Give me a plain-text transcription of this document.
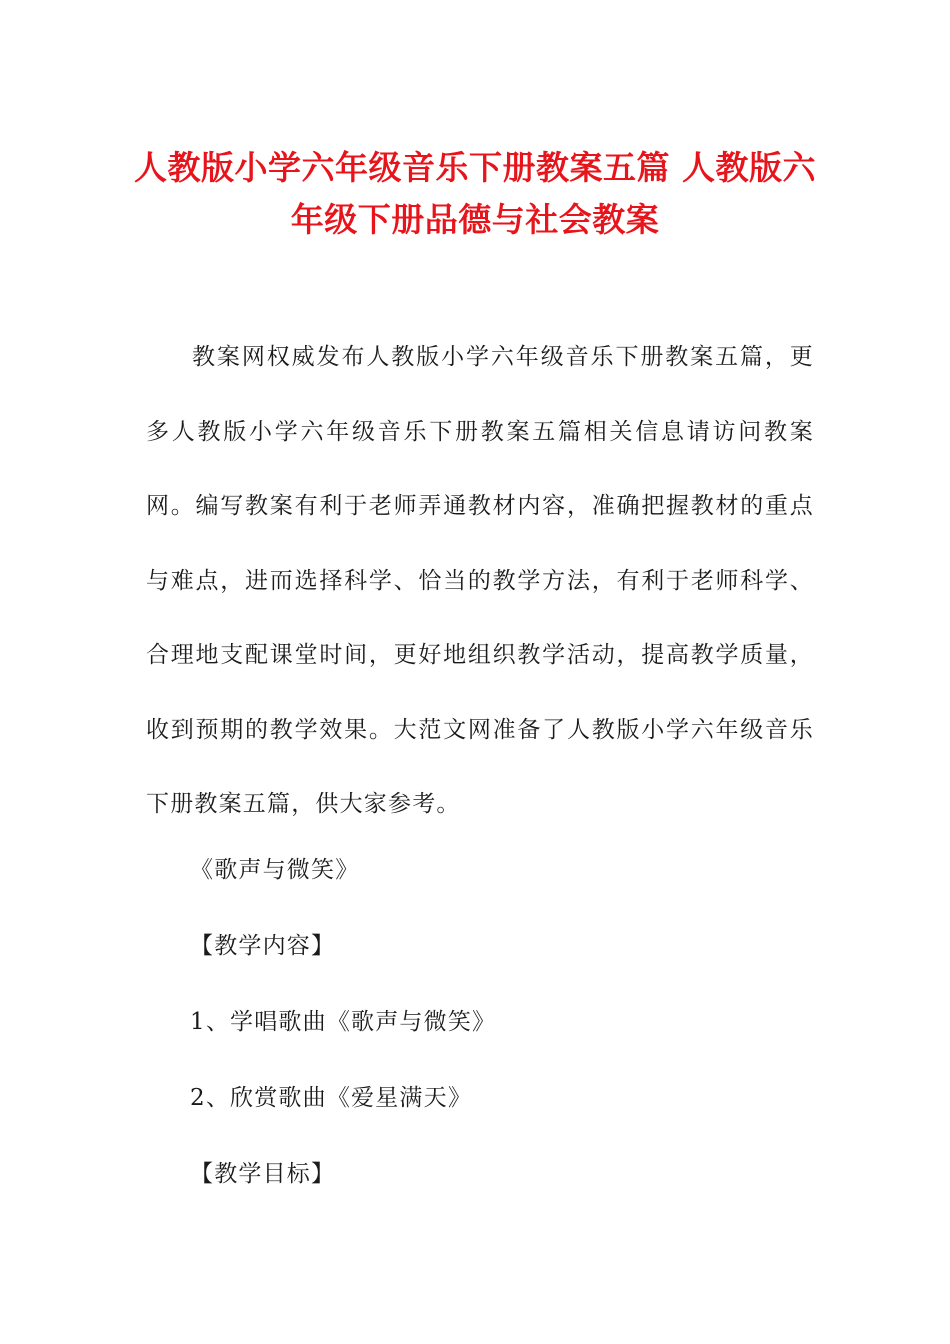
人教版小学六年级音乐下册教案五篇 人教版六年级下册品德与社会教案

教案网权威发布人教版小学六年级音乐下册教案五篇，更多人教版小学六年级音乐下册教案五篇相关信息请访问教案网。编写教案有利于老师弄通教材内容，准确把握教材的重点与难点，进而选择科学、恰当的教学方法，有利于老师科学、合理地支配课堂时间，更好地组织教学活动，提高教学质量，收到预期的教学效果。大范文网准备了人教版小学六年级音乐下册教案五篇，供大家参考。

《歌声与微笑》

【教学内容】

1、学唱歌曲《歌声与微笑》

2、欣赏歌曲《爱星满天》

【教学目标】
